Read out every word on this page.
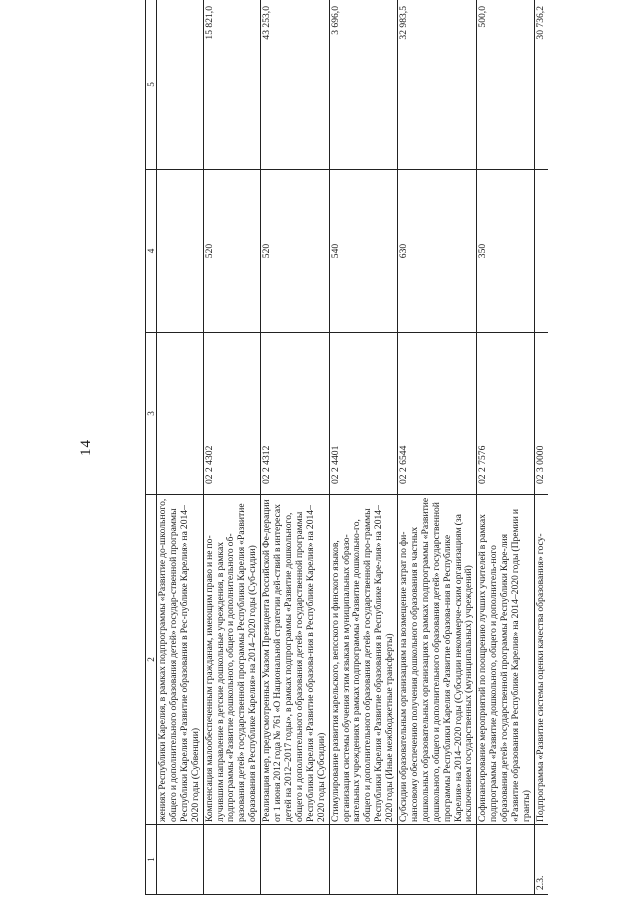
14
1	2	3	4	5

	жениях Республики Карелия, в рамках подпрограммы «Развитие до-школьного, общего и дополнительного образования детей» государ-ственной программы Республики Карелия «Развитие образования в Рес-публике Карелия» на 2014–2020 годы (Субвенции)			

	Компенсация малообеспеченным гражданам, имеющим право и не по-лучившим направление в детские дошкольные учреждения, в рамках подпрограммы «Развитие дошкольного, общего и дополнительного об-разования детей» государственной программы Республики Карелия «Развитие образования в Республике Карелия» на 2014–2020 годы (Суб-сидии)	02 2 4302	520	15 821,0

	Реализация мер, предусмотренных Указом Президента Российской Фе-дерации от 1 июня 2012 года № 761 «О Национальной стратегии дей-ствий в интересах детей на 2012–2017 годы», в рамках подпрограммы «Развитие дошкольного, общего и дополнительного образования детей» государственной программы Республики Карелия «Развитие образова-ния в Республике Карелия» на 2014–2020 годы (Субсидии)	02 2 4312	520	43 253,0

	Стимулирование развития карельского, вепсского и финского языков, организация системы обучения этим языкам в муниципальных образо-вательных учреждениях в рамках подпрограммы «Развитие дошкольно-го, общего и дополнительного образования детей» государственной про-граммы Республики Карелия «Развитие образования в Республике Каре-лия» на 2014–2020 годы (Иные межбюджетные трансферты)	02 2 4401	540	3 696,0

	Субсидии образовательным организациям на возмещение затрат по фи-нансовому обеспечению получения дошкольного образования в частных дошкольных образовательных организациях в рамках подпрограммы «Развитие дошкольного, общего и дополнительного образования детей» государственной программы Республики Карелия «Развитие образова-ния в Республике Карелия» на 2014–2020 годы (Субсидии некоммерче-ским организациям (за исключением государственных (муниципальных) учреждений)	02 2 6544	630	32 983,5

	Софинансирование мероприятий по поощрению лучших учителей в рамках подпрограммы «Развитие дошкольного, общего и дополнитель-ного образования детей» государственной программы Республики Каре-лия «Развитие образования в Республике Карелия» на 2014–2020 годы (Премии и гранты)	02 2 7576	350	500,0
2.3.	Подпрограмма «Развитие системы оценки качества образования» госу-	02 3 0000		30 736,2
